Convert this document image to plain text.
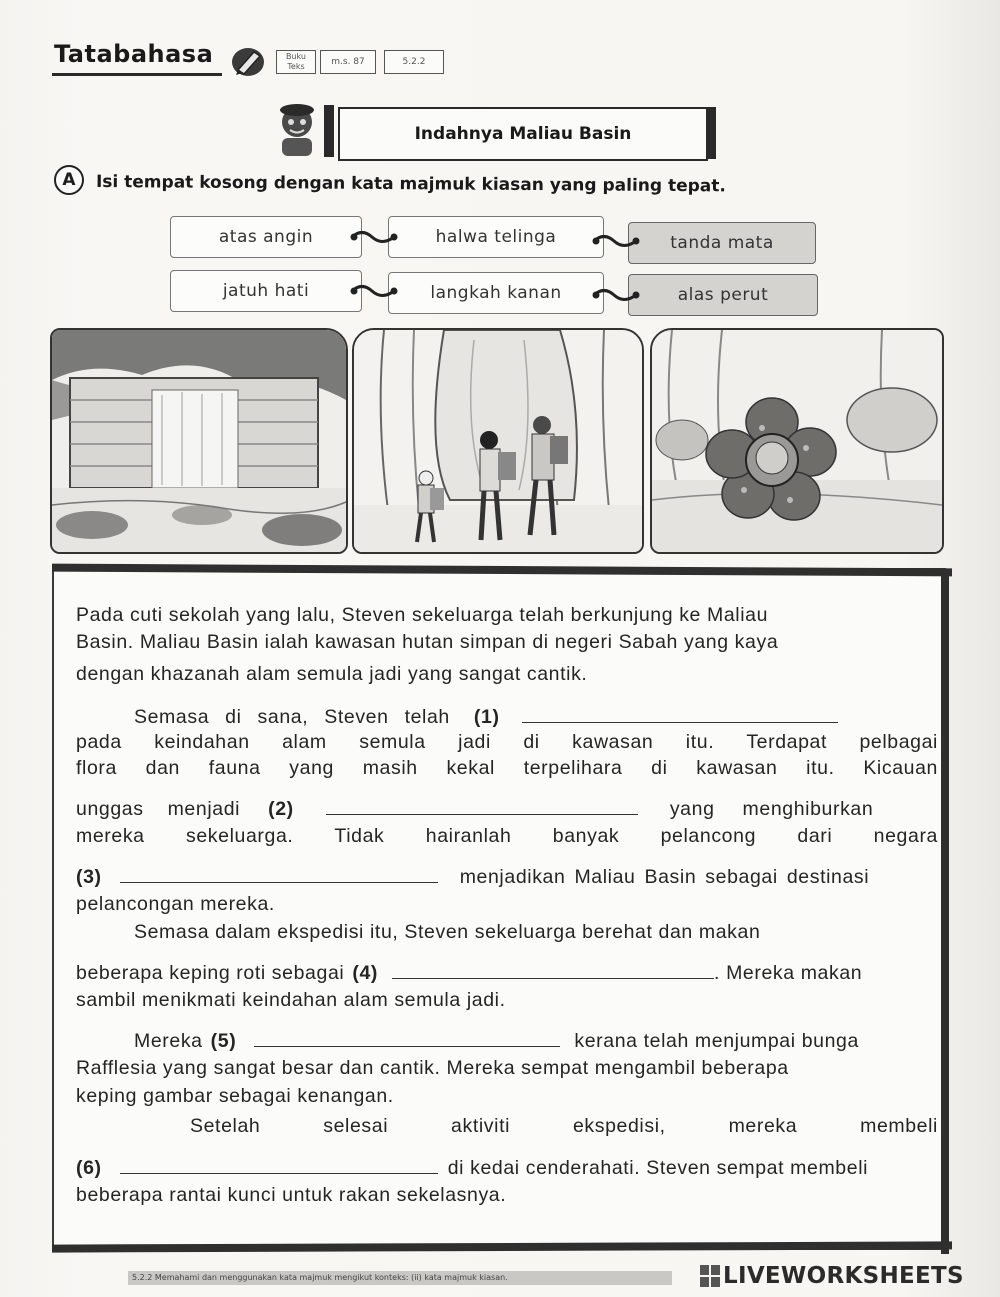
Tatabahasa	Buku Teks	m.s. 87	5.2.2
Indahnya Maliau Basin
A	Isi tempat kosong dengan kata majmuk kiasan yang paling tepat.
atas angin	halwa telinga	tanda mata
jatuh hati	langkah kanan	alas perut
Pada cuti sekolah yang lalu, Steven sekeluarga telah berkunjung ke Maliau
Basin. Maliau Basin ialah kawasan hutan simpan di negeri Sabah yang kaya
dengan khazanah alam semula jadi yang sangat cantik.
Semasa di sana, Steven telah (1)
pada keindahan alam semula jadi di kawasan itu. Terdapat pelbagai
flora dan fauna yang masih kekal terpelihara di kawasan itu. Kicauan
unggas menjadi (2)	yang menghiburkan
mereka sekeluarga. Tidak hairanlah banyak pelancong dari negara
(3)	menjadikan Maliau Basin sebagai destinasi
pelancongan mereka.
Semasa dalam ekspedisi itu, Steven sekeluarga berehat dan makan
beberapa keping roti sebagai (4)	. Mereka makan
sambil menikmati keindahan alam semula jadi.
Mereka (5)	kerana telah menjumpai bunga
Rafflesia yang sangat besar dan cantik. Mereka sempat mengambil beberapa
keping gambar sebagai kenangan.
Setelah selesai aktiviti ekspedisi, mereka membeli
(6)	di kedai cenderahati. Steven sempat membeli
beberapa rantai kunci untuk rakan sekelasnya.
5.2.2 Memahami dan menggunakan kata majmuk mengikut konteks: (ii) kata majmuk kiasan.	LIVEWORKSHEETS
